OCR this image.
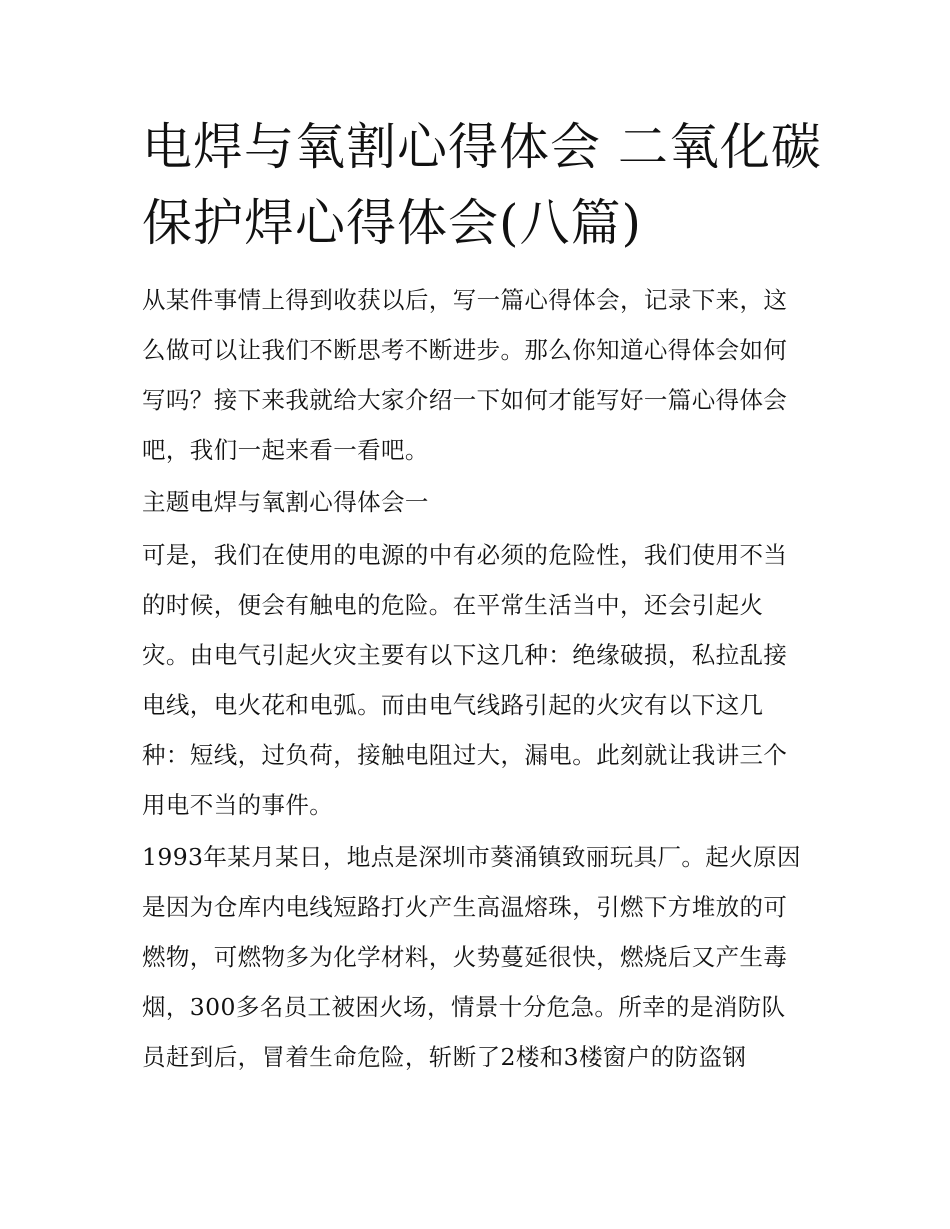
电焊与氧割心得体会 二氧化碳
保护焊心得体会(八篇)

从某件事情上得到收获以后，写一篇心得体会，记录下来，这

么做可以让我们不断思考不断进步。那么你知道心得体会如何

写吗？接下来我就给大家介绍一下如何才能写好一篇心得体会

吧，我们一起来看一看吧。

主题电焊与氧割心得体会一

可是，我们在使用的电源的中有必须的危险性，我们使用不当

的时候，便会有触电的危险。在平常生活当中，还会引起火

灾。由电气引起火灾主要有以下这几种：绝缘破损，私拉乱接

电线，电火花和电弧。而由电气线路引起的火灾有以下这几

种：短线，过负荷，接触电阻过大，漏电。此刻就让我讲三个

用电不当的事件。

1993年某月某日，地点是深圳市葵涌镇致丽玩具厂。起火原因

是因为仓库内电线短路打火产生高温熔珠，引燃下方堆放的可

燃物，可燃物多为化学材料，火势蔓延很快，燃烧后又产生毒

烟，300多名员工被困火场，情景十分危急。所幸的是消防队

员赶到后，冒着生命危险，斩断了2楼和3楼窗户的防盗钢
